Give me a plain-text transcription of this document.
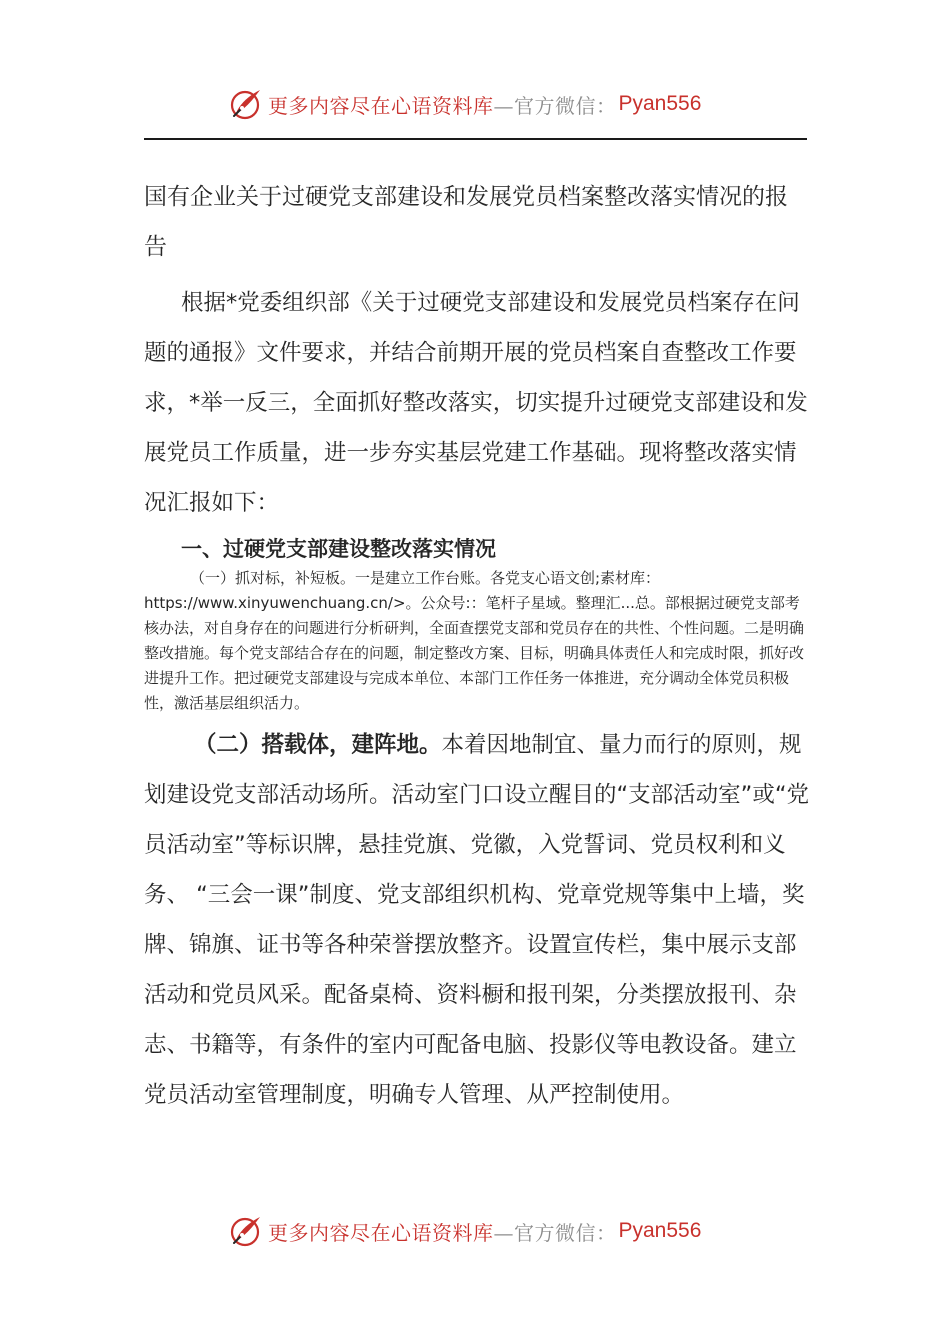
更多内容尽在心语资料库 —官方微信： Pyan556
国有企业关于过硬党支部建设和发展党员档案整改落实情况的报告

根据*党委组织部《关于过硬党支部建设和发展党员档案存在问题的通报》文件要求，并结合前期开展的党员档案自查整改工作要求，*举一反三，全面抓好整改落实，切实提升过硬党支部建设和发展党员工作质量，进一步夯实基层党建工作基础。现将整改落实情况汇报如下：

一、过硬党支部建设整改落实情况

（一）抓对标，补短板。一是建立工作台账。各党支心语文创;素材库：https://www.xinyuwenchuang.cn/>。公众号:：笔杆子星域。整理汇...总。部根据过硬党支部考核办法，对自身存在的问题进行分析研判，全面查摆党支部和党员存在的共性、个性问题。二是明确整改措施。每个党支部结合存在的问题，制定整改方案、目标，明确具体责任人和完成时限，抓好改进提升工作。把过硬党支部建设与完成本单位、本部门工作任务一体推进，充分调动全体党员积极性，激活基层组织活力。

（二）搭载体，建阵地。本着因地制宜、量力而行的原则，规划建设党支部活动场所。活动室门口设立醒目的“支部活动室”或“党员活动室”等标识牌，悬挂党旗、党徽，入党誓词、党员权利和义务、 “三会一课”制度、党支部组织机构、党章党规等集中上墙，奖牌、锦旗、证书等各种荣誉摆放整齐。设置宣传栏，集中展示支部活动和党员风采。配备桌椅、资料橱和报刊架，分类摆放报刊、杂志、书籍等，有条件的室内可配备电脑、投影仪等电教设备。建立党员活动室管理制度，明确专人管理、从严控制使用。

更多内容尽在心语资料库 —官方微信： Pyan556
